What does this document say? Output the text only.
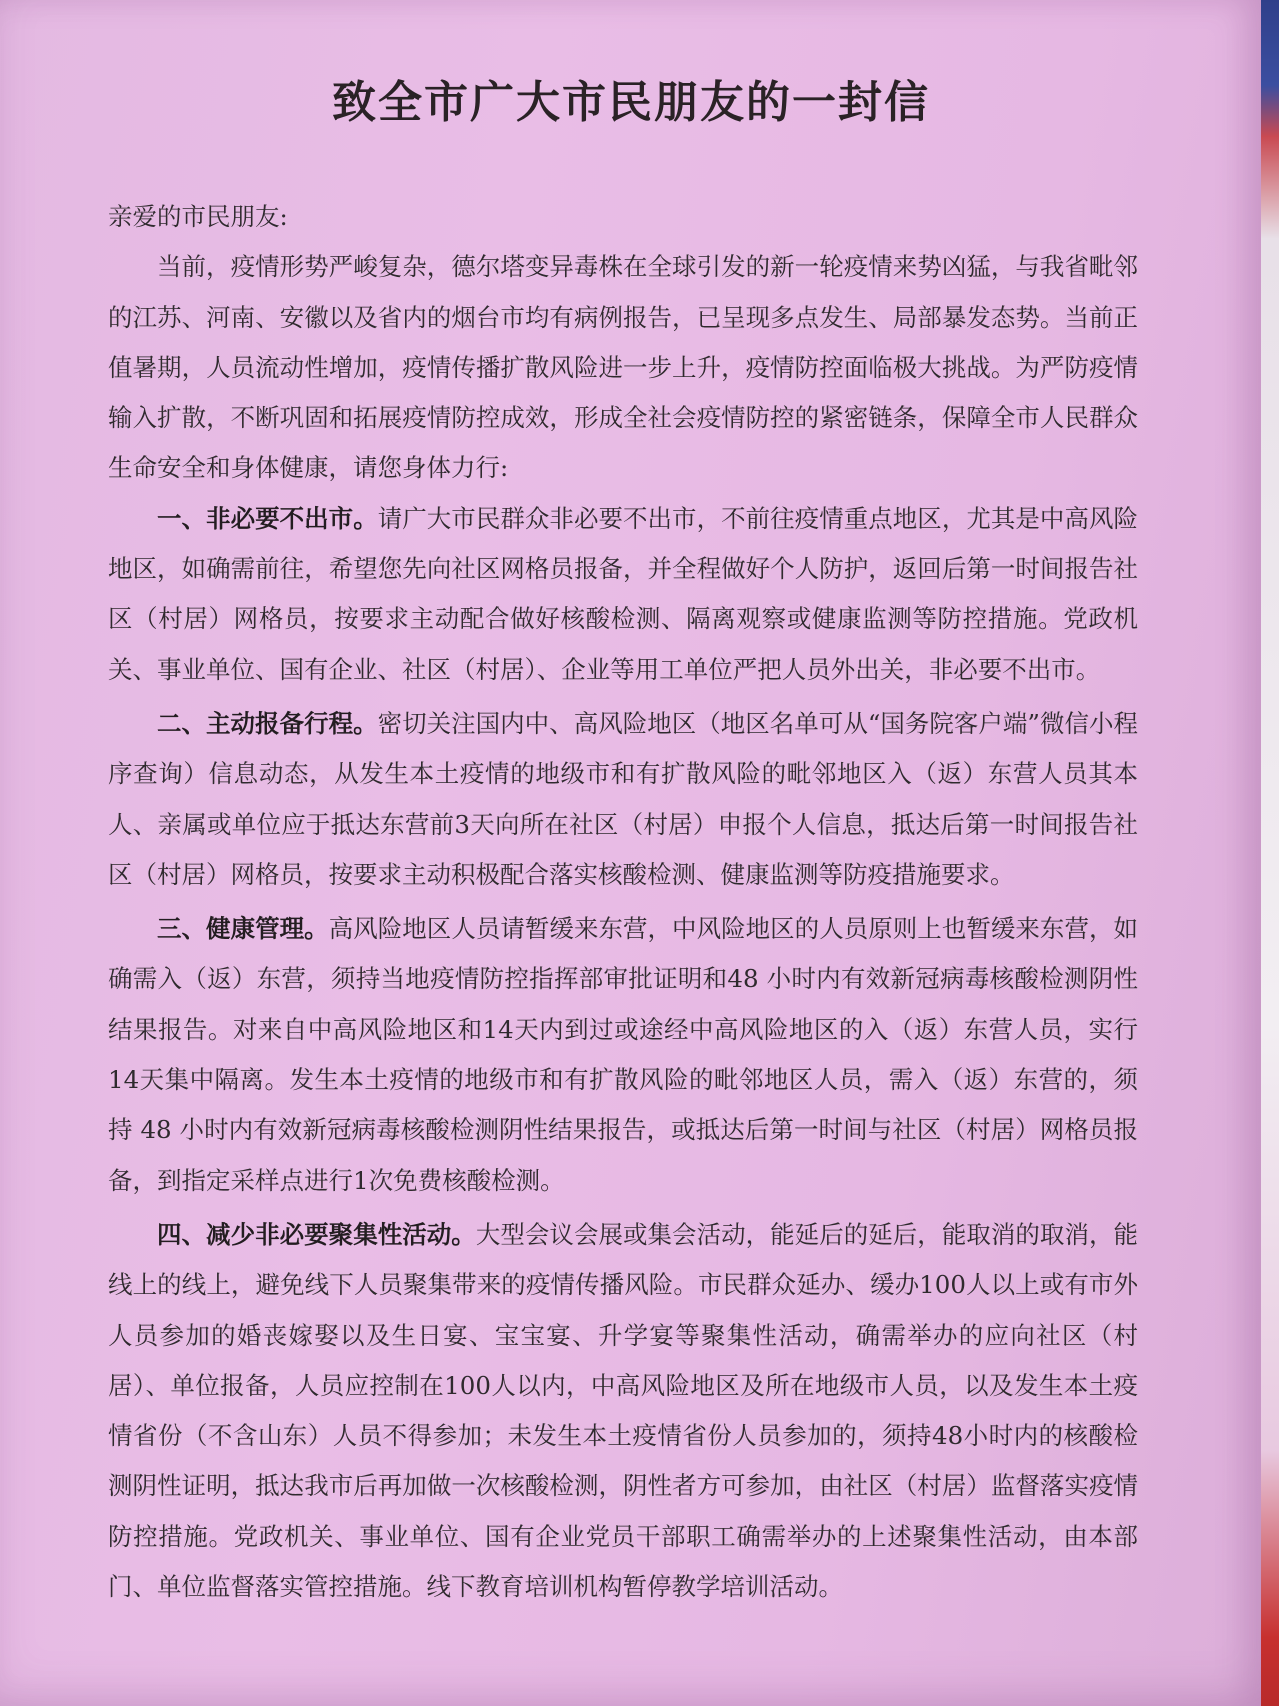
致全市广大市民朋友的一封信

亲爱的市民朋友:

当前，疫情形势严峻复杂，德尔塔变异毒株在全球引发的新一轮疫情来势凶猛，与我省毗邻的江苏、河南、安徽以及省内的烟台市均有病例报告，已呈现多点发生、局部暴发态势。当前正值暑期，人员流动性增加，疫情传播扩散风险进一步上升，疫情防控面临极大挑战。为严防疫情输入扩散，不断巩固和拓展疫情防控成效，形成全社会疫情防控的紧密链条，保障全市人民群众生命安全和身体健康，请您身体力行:

一、非必要不出市。请广大市民群众非必要不出市，不前往疫情重点地区，尤其是中高风险地区，如确需前往，希望您先向社区网格员报备，并全程做好个人防护，返回后第一时间报告社区（村居）网格员，按要求主动配合做好核酸检测、隔离观察或健康监测等防控措施。党政机关、事业单位、国有企业、社区（村居）、企业等用工单位严把人员外出关，非必要不出市。

二、主动报备行程。密切关注国内中、高风险地区（地区名单可从“国务院客户端”微信小程序查询）信息动态，从发生本土疫情的地级市和有扩散风险的毗邻地区入（返）东营人员其本人、亲属或单位应于抵达东营前3天向所在社区（村居）申报个人信息，抵达后第一时间报告社区（村居）网格员，按要求主动积极配合落实核酸检测、健康监测等防疫措施要求。

三、健康管理。高风险地区人员请暂缓来东营，中风险地区的人员原则上也暂缓来东营，如确需入（返）东营，须持当地疫情防控指挥部审批证明和48 小时内有效新冠病毒核酸检测阴性结果报告。对来自中高风险地区和14天内到过或途经中高风险地区的入（返）东营人员，实行14天集中隔离。发生本土疫情的地级市和有扩散风险的毗邻地区人员，需入（返）东营的，须持 48 小时内有效新冠病毒核酸检测阴性结果报告，或抵达后第一时间与社区（村居）网格员报备，到指定采样点进行1次免费核酸检测。

四、减少非必要聚集性活动。大型会议会展或集会活动，能延后的延后，能取消的取消，能线上的线上，避免线下人员聚集带来的疫情传播风险。市民群众延办、缓办100人以上或有市外人员参加的婚丧嫁娶以及生日宴、宝宝宴、升学宴等聚集性活动，确需举办的应向社区（村居）、单位报备，人员应控制在100人以内，中高风险地区及所在地级市人员，以及发生本土疫情省份（不含山东）人员不得参加；未发生本土疫情省份人员参加的，须持48小时内的核酸检测阴性证明，抵达我市后再加做一次核酸检测，阴性者方可参加，由社区（村居）监督落实疫情防控措施。党政机关、事业单位、国有企业党员干部职工确需举办的上述聚集性活动，由本部门、单位监督落实管控措施。线下教育培训机构暂停教学培训活动。
